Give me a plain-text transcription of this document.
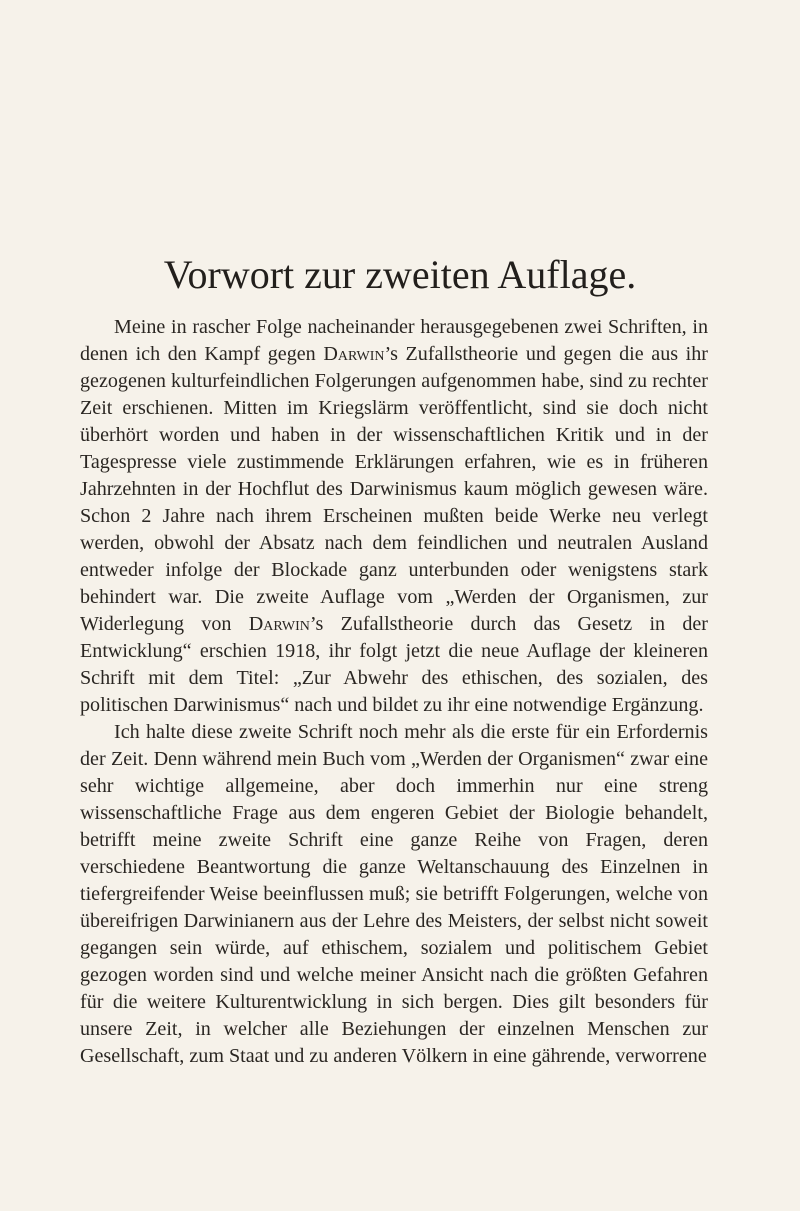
Vorwort zur zweiten Auflage.

Meine in rascher Folge nacheinander herausgegebenen zwei Schriften, in denen ich den Kampf gegen Darwin’s Zufallstheorie und gegen die aus ihr gezogenen kulturfeindlichen Folgerungen aufgenommen habe, sind zu rechter Zeit erschienen. Mitten im Kriegslärm veröffentlicht, sind sie doch nicht überhört worden und haben in der wissenschaftlichen Kritik und in der Tagespresse viele zustimmende Erklärungen erfahren, wie es in früheren Jahrzehnten in der Hochflut des Darwinismus kaum möglich gewesen wäre. Schon 2 Jahre nach ihrem Erscheinen mußten beide Werke neu verlegt werden, obwohl der Absatz nach dem feindlichen und neutralen Ausland entweder infolge der Blockade ganz unterbunden oder wenigstens stark behindert war. Die zweite Auflage vom „Werden der Organismen, zur Widerlegung von Darwin’s Zufallstheorie durch das Gesetz in der Entwicklung“ erschien 1918, ihr folgt jetzt die neue Auflage der kleineren Schrift mit dem Titel: „Zur Abwehr des ethischen, des sozialen, des politischen Darwinismus“ nach und bildet zu ihr eine notwendige Ergänzung.

Ich halte diese zweite Schrift noch mehr als die erste für ein Erfordernis der Zeit. Denn während mein Buch vom „Werden der Organismen“ zwar eine sehr wichtige allgemeine, aber doch immerhin nur eine streng wissenschaftliche Frage aus dem engeren Gebiet der Biologie behandelt, betrifft meine zweite Schrift eine ganze Reihe von Fragen, deren verschiedene Beantwortung die ganze Weltanschauung des Einzelnen in tiefergreifender Weise beeinflussen muß; sie betrifft Folgerungen, welche von übereifrigen Darwinianern aus der Lehre des Meisters, der selbst nicht soweit gegangen sein würde, auf ethischem, sozialem und politischem Gebiet gezogen worden sind und welche meiner Ansicht nach die größten Gefahren für die weitere Kulturentwicklung in sich bergen. Dies gilt besonders für unsere Zeit, in welcher alle Beziehungen der einzelnen Menschen zur Gesellschaft, zum Staat und zu anderen Völkern in eine gährende, verworrene
